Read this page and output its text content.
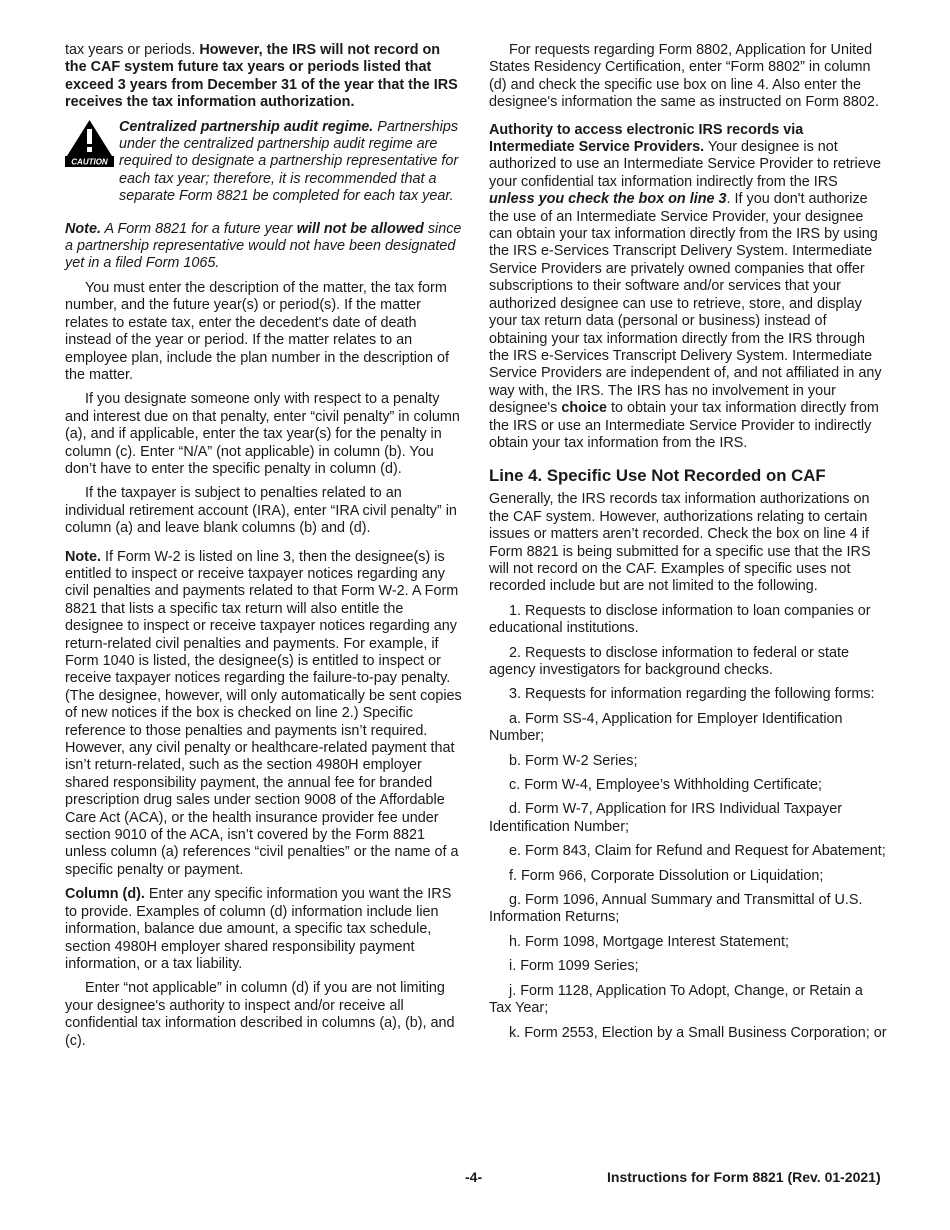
tax years or periods. However, the IRS will not record on the CAF system future tax years or periods listed that exceed 3 years from December 31 of the year that the IRS receives the tax information authorization.

CAUTION
Centralized partnership audit regime. Partnerships under the centralized partnership audit regime are required to designate a partnership representative for each tax year; therefore, it is recommended that a separate Form 8821 be completed for each tax year.

Note. A Form 8821 for a future year will not be allowed since a partnership representative would not have been designated yet in a filed Form 1065.

You must enter the description of the matter, the tax form number, and the future year(s) or period(s). If the matter relates to estate tax, enter the decedent's date of death instead of the year or period. If the matter relates to an employee plan, include the plan number in the description of the matter.

If you designate someone only with respect to a penalty and interest due on that penalty, enter “civil penalty” in column (a), and if applicable, enter the tax year(s) for the penalty in column (c). Enter “N/A” (not applicable) in column (b). You don’t have to enter the specific penalty in column (d).

If the taxpayer is subject to penalties related to an individual retirement account (IRA), enter “IRA civil penalty” in column (a) and leave blank columns (b) and (d).

Note. If Form W-2 is listed on line 3, then the designee(s) is entitled to inspect or receive taxpayer notices regarding any civil penalties and payments related to that Form W-2. A Form 8821 that lists a specific tax return will also entitle the designee to inspect or receive taxpayer notices regarding any return-related civil penalties and payments. For example, if Form 1040 is listed, the designee(s) is entitled to inspect or receive taxpayer notices regarding the failure-to-pay penalty. (The designee, however, will only automatically be sent copies of new notices if the box is checked on line 2.) Specific reference to those penalties and payments isn’t required. However, any civil penalty or healthcare-related payment that isn’t return-related, such as the section 4980H employer shared responsibility payment, the annual fee for branded prescription drug sales under section 9008 of the Affordable Care Act (ACA), or the health insurance provider fee under section 9010 of the ACA, isn’t covered by the Form 8821 unless column (a) references “civil penalties” or the name of a specific penalty or payment.

Column (d). Enter any specific information you want the IRS to provide. Examples of column (d) information include lien information, balance due amount, a specific tax schedule, section 4980H employer shared responsibility payment information, or a tax liability.

Enter “not applicable” in column (d) if you are not limiting your designee's authority to inspect and/or receive all confidential tax information described in columns (a), (b), and (c).

For requests regarding Form 8802, Application for United States Residency Certification, enter “Form 8802” in column (d) and check the specific use box on line 4. Also enter the designee's information the same as instructed on Form 8802.

Authority to access electronic IRS records via Intermediate Service Providers. Your designee is not authorized to use an Intermediate Service Provider to retrieve your confidential tax information indirectly from the IRS unless you check the box on line 3. If you don't authorize the use of an Intermediate Service Provider, your designee can obtain your tax information directly from the IRS by using the IRS e-Services Transcript Delivery System. Intermediate Service Providers are privately owned companies that offer subscriptions to their software and/or services that your authorized designee can use to retrieve, store, and display your tax return data (personal or business) instead of obtaining your tax information directly from the IRS through the IRS e-Services Transcript Delivery System. Intermediate Service Providers are independent of, and not affiliated in any way with, the IRS. The IRS has no involvement in your designee's choice to obtain your tax information directly from the IRS or use an Intermediate Service Provider to indirectly obtain your tax information from the IRS.

Line 4. Specific Use Not Recorded on CAF

Generally, the IRS records tax information authorizations on the CAF system. However, authorizations relating to certain issues or matters aren’t recorded. Check the box on line 4 if Form 8821 is being submitted for a specific use that the IRS will not record on the CAF. Examples of specific uses not recorded include but are not limited to the following.

1. Requests to disclose information to loan companies or educational institutions.

2. Requests to disclose information to federal or state agency investigators for background checks.

3. Requests for information regarding the following forms:

a. Form SS-4, Application for Employer Identification Number;

b. Form W-2 Series;

c. Form W-4, Employee’s Withholding Certificate;

d. Form W-7, Application for IRS Individual Taxpayer Identification Number;

e. Form 843, Claim for Refund and Request for Abatement;

f. Form 966, Corporate Dissolution or Liquidation;

g. Form 1096, Annual Summary and Transmittal of U.S. Information Returns;

h. Form 1098, Mortgage Interest Statement;

i. Form 1099 Series;

j. Form 1128, Application To Adopt, Change, or Retain a Tax Year;

k. Form 2553, Election by a Small Business Corporation; or

-4-	Instructions for Form 8821 (Rev. 01-2021)
